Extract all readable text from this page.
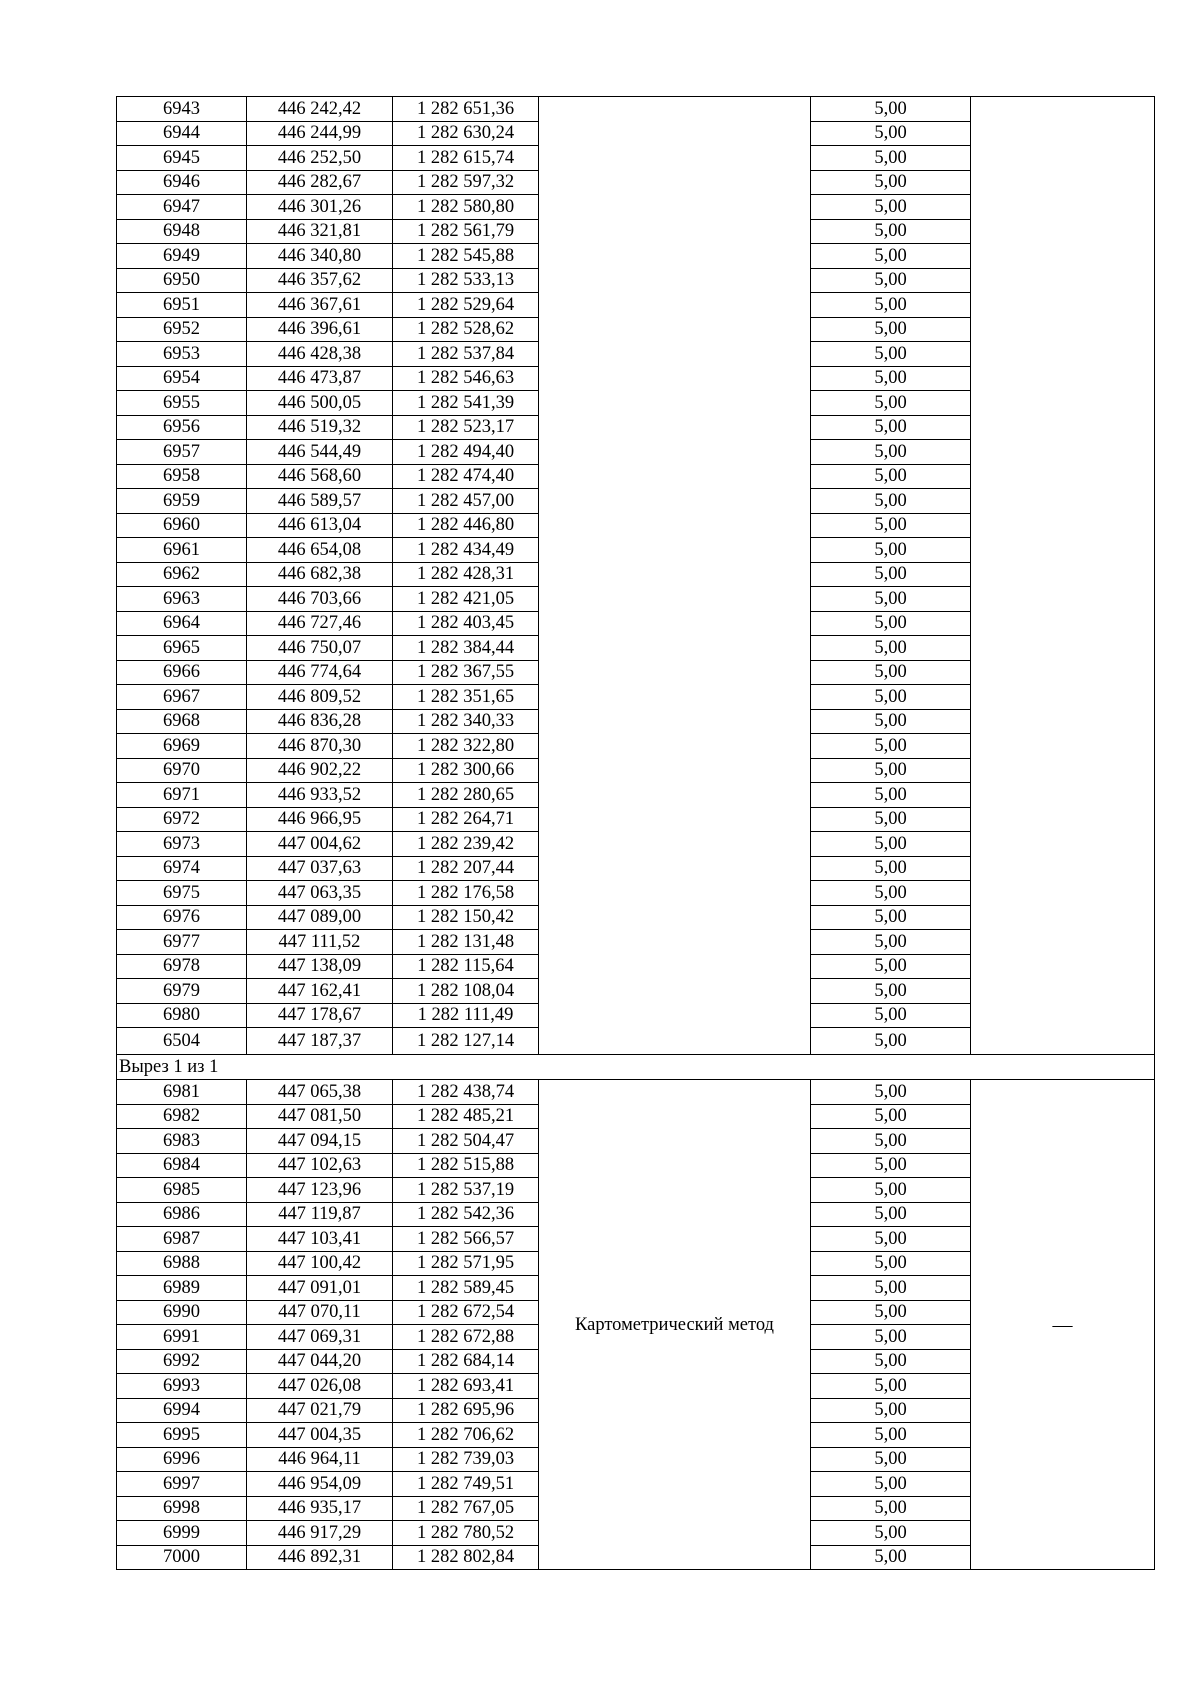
6943	446 242,42	1 282 651,36		5,00	
6944	446 244,99	1 282 630,24		5,00	
6945	446 252,50	1 282 615,74		5,00	
6946	446 282,67	1 282 597,32		5,00	
6947	446 301,26	1 282 580,80		5,00	
6948	446 321,81	1 282 561,79		5,00	
6949	446 340,80	1 282 545,88		5,00	
6950	446 357,62	1 282 533,13		5,00	
6951	446 367,61	1 282 529,64		5,00	
6952	446 396,61	1 282 528,62		5,00	
6953	446 428,38	1 282 537,84		5,00	
6954	446 473,87	1 282 546,63		5,00	
6955	446 500,05	1 282 541,39		5,00	
6956	446 519,32	1 282 523,17		5,00	
6957	446 544,49	1 282 494,40		5,00	
6958	446 568,60	1 282 474,40		5,00	
6959	446 589,57	1 282 457,00		5,00	
6960	446 613,04	1 282 446,80		5,00	
6961	446 654,08	1 282 434,49		5,00	
6962	446 682,38	1 282 428,31		5,00	
6963	446 703,66	1 282 421,05		5,00	
6964	446 727,46	1 282 403,45		5,00	
6965	446 750,07	1 282 384,44		5,00	
6966	446 774,64	1 282 367,55		5,00	
6967	446 809,52	1 282 351,65		5,00	
6968	446 836,28	1 282 340,33		5,00	
6969	446 870,30	1 282 322,80		5,00	
6970	446 902,22	1 282 300,66		5,00	
6971	446 933,52	1 282 280,65		5,00	
6972	446 966,95	1 282 264,71		5,00	
6973	447 004,62	1 282 239,42		5,00	
6974	447 037,63	1 282 207,44		5,00	
6975	447 063,35	1 282 176,58		5,00	
6976	447 089,00	1 282 150,42		5,00	
6977	447 111,52	1 282 131,48		5,00	
6978	447 138,09	1 282 115,64		5,00	
6979	447 162,41	1 282 108,04		5,00	
6980	447 178,67	1 282 111,49		5,00	
6504	447 187,37	1 282 127,14		5,00	
Вырез 1 из 1					
6981	447 065,38	1 282 438,74	Картометрический метод	5,00	—
6982	447 081,50	1 282 485,21		5,00	
6983	447 094,15	1 282 504,47		5,00	
6984	447 102,63	1 282 515,88		5,00	
6985	447 123,96	1 282 537,19		5,00	
6986	447 119,87	1 282 542,36		5,00	
6987	447 103,41	1 282 566,57		5,00	
6988	447 100,42	1 282 571,95		5,00	
6989	447 091,01	1 282 589,45		5,00	
6990	447 070,11	1 282 672,54		5,00	
6991	447 069,31	1 282 672,88		5,00	
6992	447 044,20	1 282 684,14		5,00	
6993	447 026,08	1 282 693,41		5,00	
6994	447 021,79	1 282 695,96		5,00	
6995	447 004,35	1 282 706,62		5,00	
6996	446 964,11	1 282 739,03		5,00	
6997	446 954,09	1 282 749,51		5,00	
6998	446 935,17	1 282 767,05		5,00	
6999	446 917,29	1 282 780,52		5,00	
7000	446 892,31	1 282 802,84		5,00	
